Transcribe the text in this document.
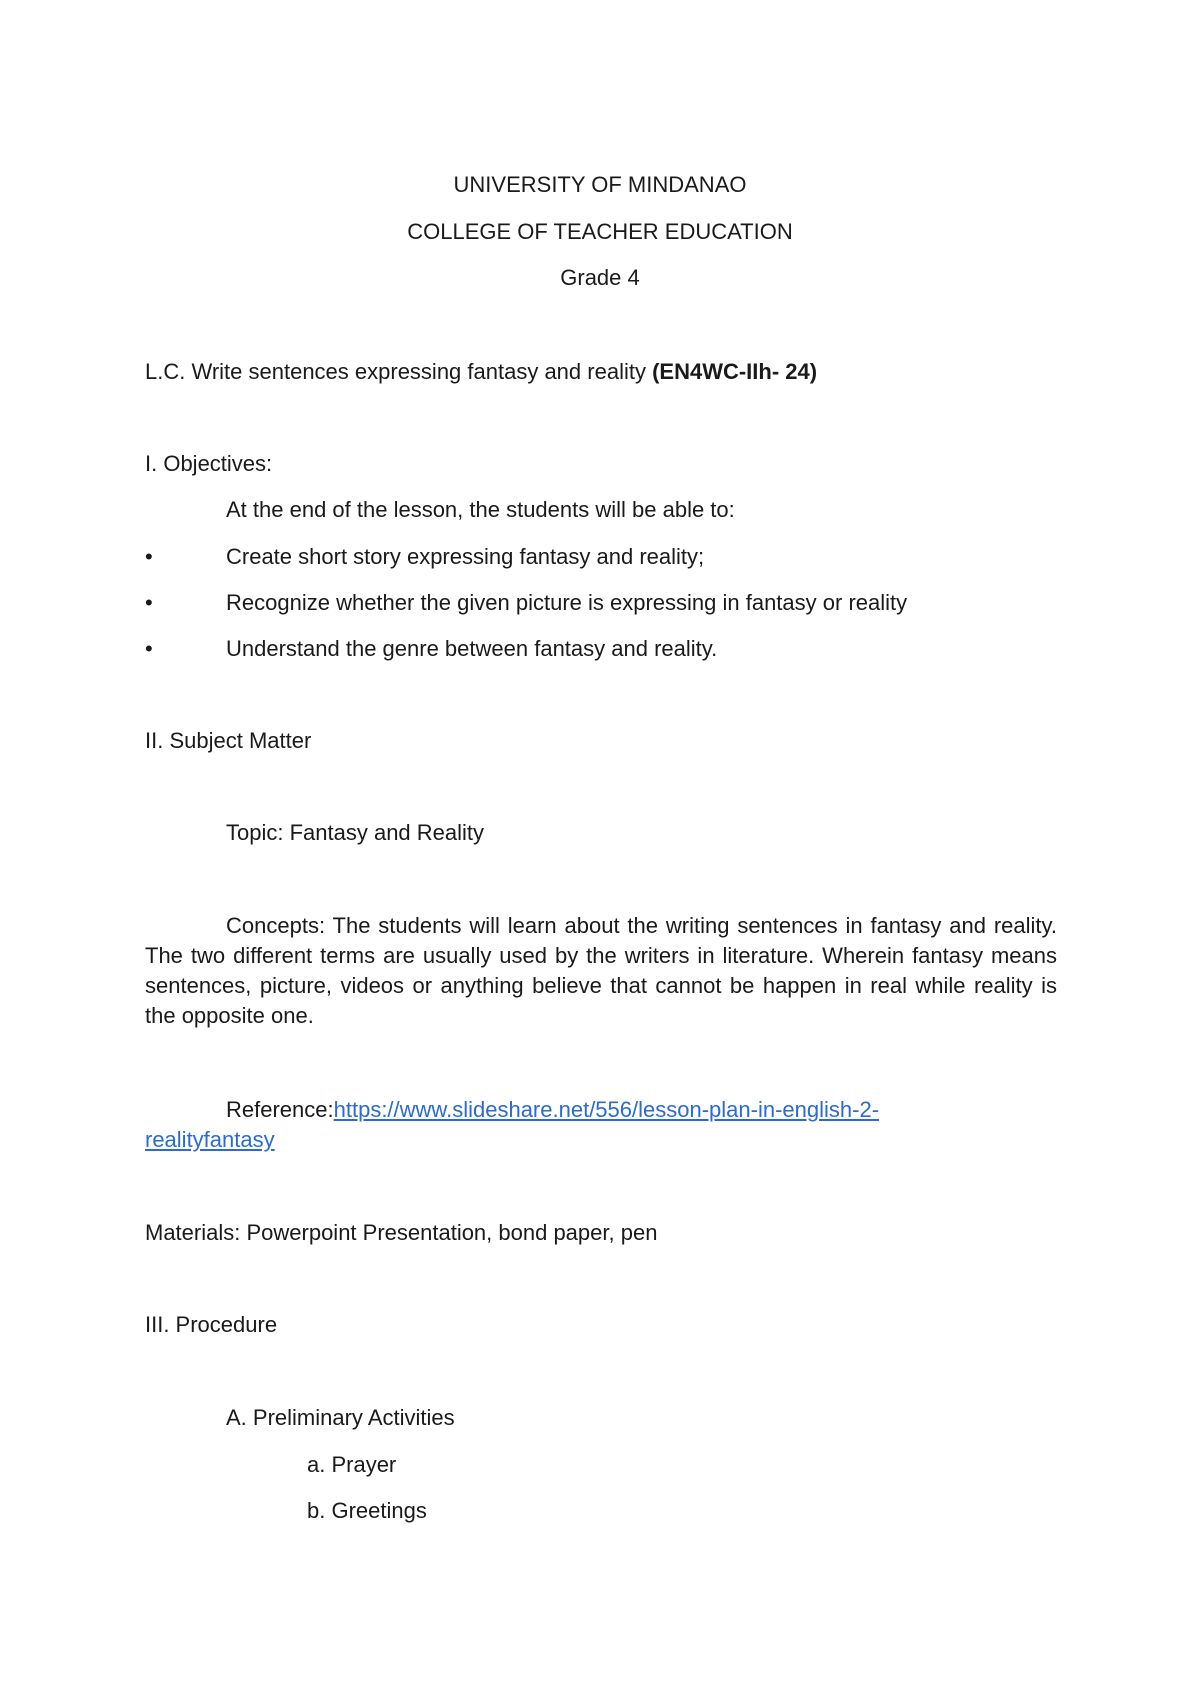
UNIVERSITY OF MINDANAO
COLLEGE OF TEACHER EDUCATION
Grade 4
L.C. Write sentences expressing fantasy and reality (EN4WC-IIh- 24)
I. Objectives:
At the end of the lesson, the students will be able to:
•	Create short story expressing fantasy and reality;
•	Recognize whether the given picture is expressing in fantasy or reality
•	Understand the genre between fantasy and reality.
II. Subject Matter
Topic: Fantasy and Reality
Concepts: The students will learn about the writing sentences in fantasy and reality. The two different terms are usually used by the writers in literature. Wherein fantasy means sentences, picture, videos or anything believe that cannot be happen in real while reality is the opposite one.
Reference:https://www.slideshare.net/556/lesson-plan-in-english-2-
realityfantasy
Materials: Powerpoint Presentation, bond paper, pen
III. Procedure
A. Preliminary Activities
a. Prayer
b. Greetings
